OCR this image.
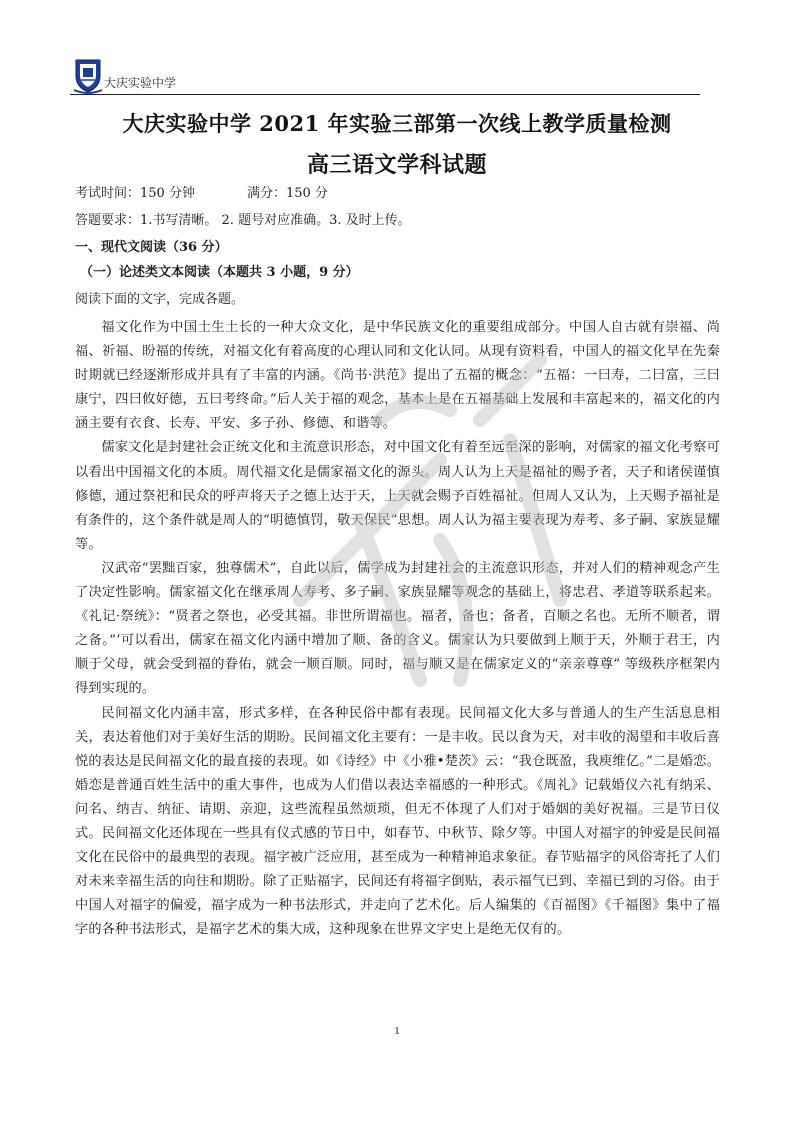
大庆实验中学
大庆实验中学 2021 年实验三部第一次线上教学质量检测
高三语文学科试题
考试时间：150 分钟	满分：150 分
答题要求：1.书写清晰。 2. 题号对应准确。3. 及时上传。
一、现代文阅读（36 分）
（一）论述类文本阅读（本题共 3 小题，9 分）
阅读下面的文字，完成各题。

福文化作为中国土生土长的一种大众文化，是中华民族文化的重要组成部分。中国人自古就有崇福、尚福、祈福、盼福的传统，对福文化有着高度的心理认同和文化认同。从现有资料看，中国人的福文化早在先秦时期就已经逐渐形成并具有了丰富的内涵。《尚书·洪范》提出了五福的概念：“五福：一曰寿，二曰富，三曰康宁，四曰攸好德，五曰考终命。”后人关于福的观念，基本上是在五福基础上发展和丰富起来的，福文化的内涵主要有衣食、长寿、平安、多子孙、修德、和谐等。

儒家文化是封建社会正统文化和主流意识形态，对中国文化有着至远至深的影响，对儒家的福文化考察可以看出中国福文化的本质。周代福文化是儒家福文化的源头。周人认为上天是福祉的赐予者，天子和诸侯谨慎修德，通过祭祀和民众的呼声将天子之德上达于天，上天就会赐予百姓福祉。但周人又认为，上天赐予福祉是有条件的，这个条件就是周人的“明德慎罚，敬天保民”思想。周人认为福主要表现为寿考、多子嗣、家族显耀等。

汉武帝“罢黜百家，独尊儒术”，自此以后，儒学成为封建社会的主流意识形态，并对人们的精神观念产生了决定性影响。儒家福文化在继承周人寿考、多子嗣、家族显耀等观念的基础上，将忠君、孝道等联系起来。《礼记·祭统》：“贤者之祭也，必受其福。非世所谓福也。福者，备也；备者，百顺之名也。无所不顺者，谓之备。”’可以看出，儒家在福文化内涵中增加了顺、备的含义。儒家认为只要做到上顺于天，外顺于君王，内顺于父母，就会受到福的眷佑，就会一顺百顺。同时，福与顺又是在儒家定义的“亲亲尊尊” 等级秩序框架内得到实现的。

民间福文化内涵丰富，形式多样，在各种民俗中都有表现。民间福文化大多与普通人的生产生活息息相关，表达着他们对于美好生活的期盼。民间福文化主要有：一是丰收。民以食为天，对丰收的渴望和丰收后喜悦的表达是民间福文化的最直接的表现。如《诗经》中《小雅•楚茨》云：“我仓既盈，我庾维亿。”二是婚恋。婚恋是普通百姓生活中的重大事件，也成为人们借以表达幸福感的一种形式。《周礼》记载婚仪六礼有纳采、问名、纳吉、纳征、请期、亲迎，这些流程虽然烦琐，但无不体现了人们对于婚姻的美好祝福。三是节日仪式。民间福文化还体现在一些具有仪式感的节日中，如春节、中秋节、除夕等。中国人对福字的钟爱是民间福文化在民俗中的最典型的表现。福字被广泛应用，甚至成为一种精神追求象征。春节贴福字的风俗寄托了人们对未来幸福生活的向往和期盼。除了正贴福字，民间还有将福字倒贴，表示福气已到、幸福已到的习俗。由于中国人对福字的偏爱，福字成为一种书法形式，并走向了艺术化。后人编集的《百福图》《千福图》集中了福字的各种书法形式，是福字艺术的集大成，这种现象在世界文字史上是绝无仅有的。

1
